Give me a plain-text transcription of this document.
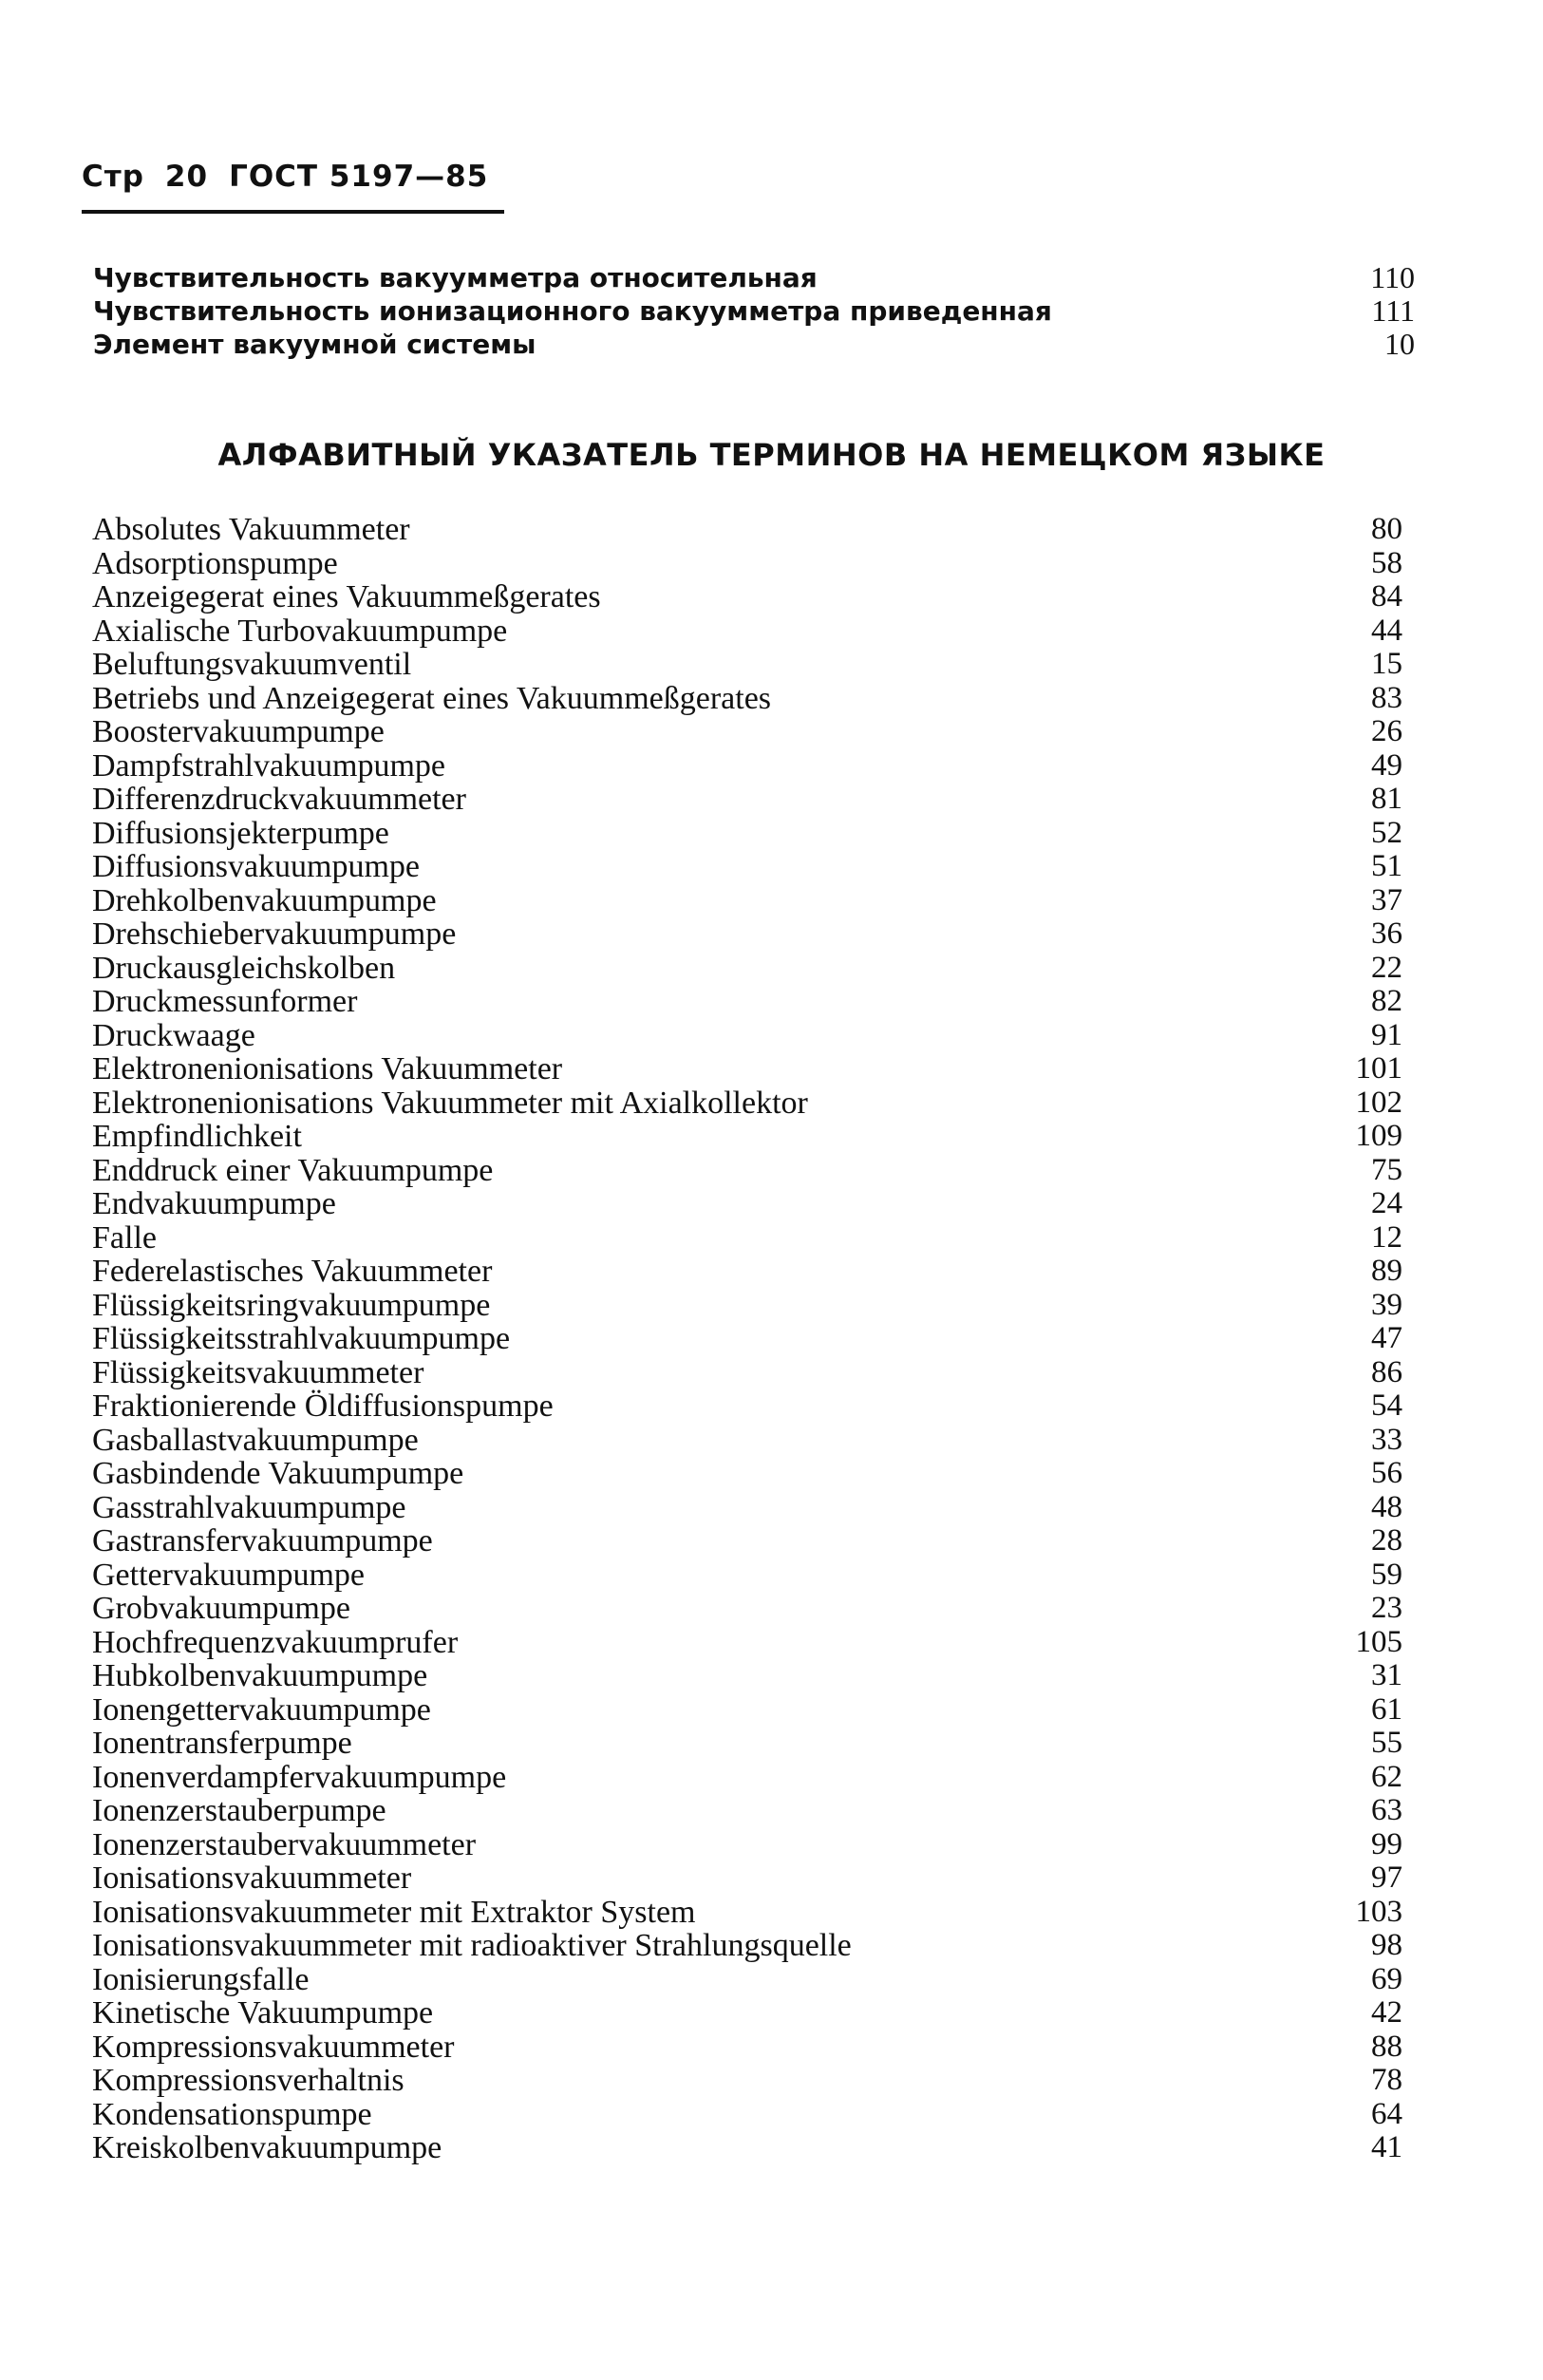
Стр 20 ГОСТ 5197—85
Чувствительность вакуумметра относительная	110
Чувствительность ионизационного вакуумметра приведенная	111
Элемент вакуумной системы	10
АЛФАВИТНЫЙ УКАЗАТЕЛЬ ТЕРМИНОВ НА НЕМЕЦКОМ ЯЗЫКЕ
Absolutes Vakuummeter	80
Adsorptionspumpe	58
Anzeigegerat eines Vakuummeßgerates	84
Axialische Turbovakuumpumpe	44
Beluftungsvakuumventil	15
Betriebs und Anzeigegerat eines Vakuummeßgerates	83
Boostervakuumpumpe	26
Dampfstrahlvakuumpumpe	49
Differenzdruckvakuummeter	81
Diffusionsjekterpumpe	52
Diffusionsvakuumpumpe	51
Drehkolbenvakuumpumpe	37
Drehschiebervakuumpumpe	36
Druckausgleichskolben	22
Druckmessunformer	82
Druckwaage	91
Elektronenionisations Vakuummeter	101
Elektronenionisations Vakuummeter mit Axialkollektor	102
Empfindlichkeit	109
Enddruck einer Vakuumpumpe	75
Endvakuumpumpe	24
Falle	12
Federelastisches Vakuummeter	89
Flüssigkeitsringvakuumpumpe	39
Flüssigkeitsstrahlvakuumpumpe	47
Flüssigkeitsvakuummeter	86
Fraktionierende Öldiffusionspumpe	54
Gasballastvakuumpumpe	33
Gasbindende Vakuumpumpe	56
Gasstrahlvakuumpumpe	48
Gastransfervakuumpumpe	28
Gettervakuumpumpe	59
Grobvakuumpumpe	23
Hochfrequenzvakuumprufer	105
Hubkolbenvakuumpumpe	31
Ionengettervakuumpumpe	61
Ionentransferpumpe	55
Ionenverdampfervakuumpumpe	62
Ionenzerstauberpumpe	63
Ionenzerstaubervakuummeter	99
Ionisationsvakuummeter	97
Ionisationsvakuummeter mit Extraktor System	103
Ionisationsvakuummeter mit radioaktiver Strahlungsquelle	98
Ionisierungsfalle	69
Kinetische Vakuumpumpe	42
Kompressionsvakuummeter	88
Kompressionsverhaltnis	78
Kondensationspumpe	64
Kreiskolbenvakuumpumpe	41
